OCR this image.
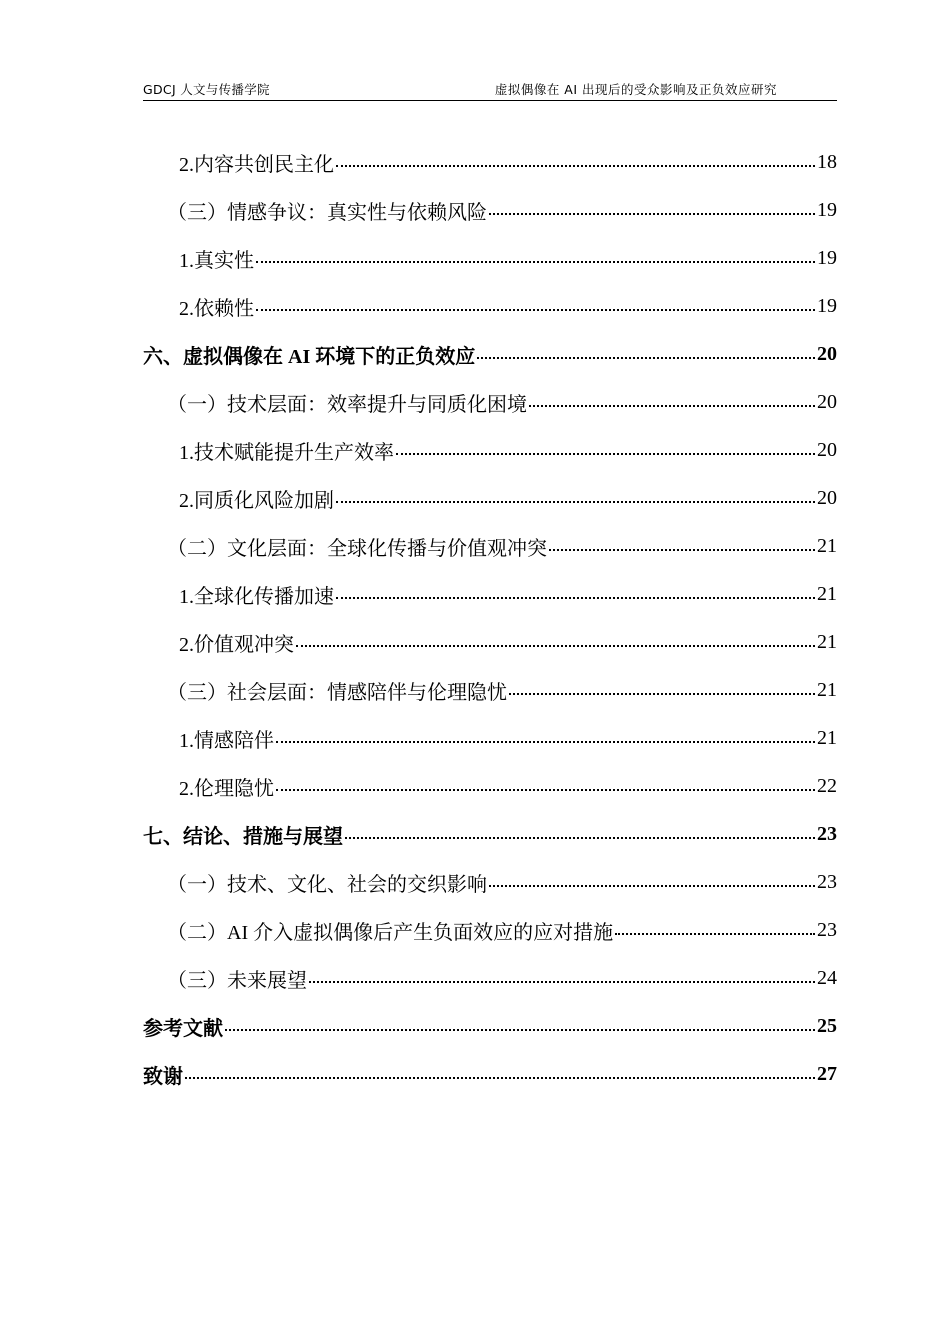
GDCJ 人文与传播学院	虚拟偶像在 AI 出现后的受众影响及正负效应研究
2.内容共创民主化	18
（三）情感争议：真实性与依赖风险	19
1.真实性	19
2.依赖性	19
六、虚拟偶像在 AI 环境下的正负效应	20
（一）技术层面：效率提升与同质化困境	20
1.技术赋能提升生产效率	20
2.同质化风险加剧	20
（二）文化层面：全球化传播与价值观冲突	21
1.全球化传播加速	21
2.价值观冲突	21
（三）社会层面：情感陪伴与伦理隐忧	21
1.情感陪伴	21
2.伦理隐忧	22
七、结论、措施与展望	23
（一）技术、文化、社会的交织影响	23
（二）AI 介入虚拟偶像后产生负面效应的应对措施	23
（三）未来展望	24
参考文献	25
致谢	27
